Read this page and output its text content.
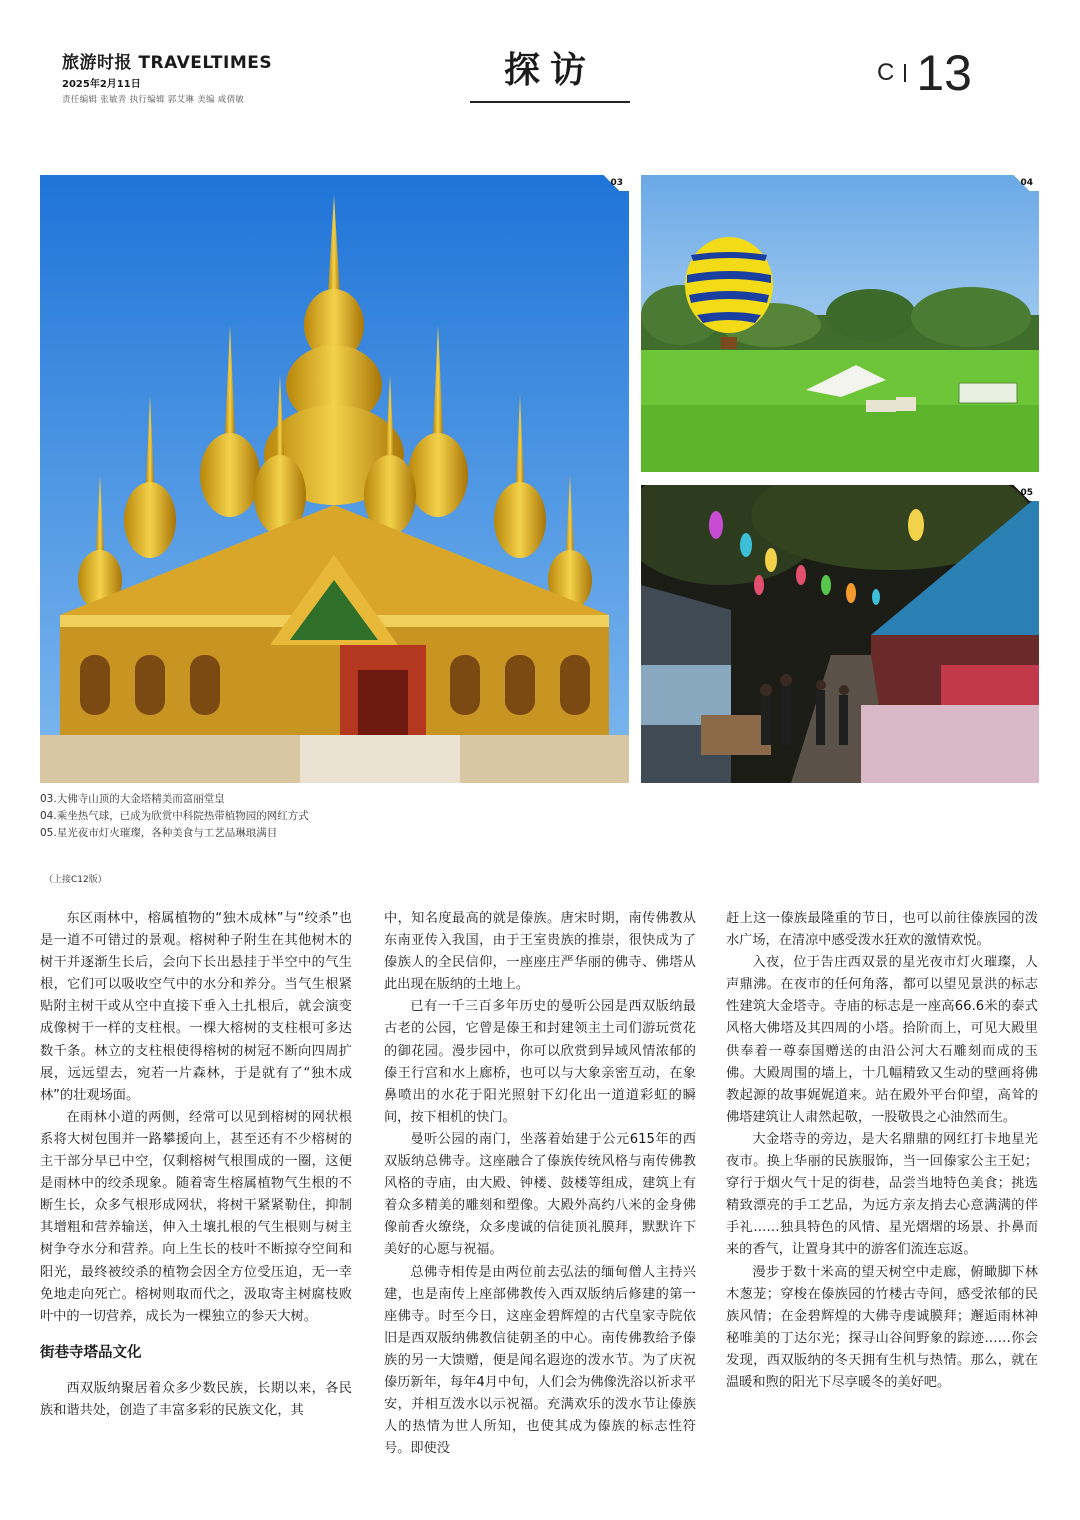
旅游时报 TRAVELTIMES
2025年2月11日
责任编辑 张敏青 执行编辑 郭艾琳 美编 咸倩敏
探访	C 13
03	04
05
03.大佛寺山顶的大金塔精美而富丽堂皇
04.乘坐热气球，已成为欣赏中科院热带植物园的网红方式
05.星光夜市灯火璀璨，各种美食与工艺品琳琅满目
（上接C12版）

东区雨林中，榕属植物的“独木成林”与“绞杀”也是一道不可错过的景观。榕树种子附生在其他树木的树干并逐渐生长后，会向下长出悬挂于半空中的气生根，它们可以吸收空气中的水分和养分。当气生根紧贴附主树干或从空中直接下垂入土扎根后，就会演变成像树干一样的支柱根。一棵大榕树的支柱根可多达数千条。林立的支柱根使得榕树的树冠不断向四周扩展，远远望去，宛若一片森林，于是就有了“独木成林”的壮观场面。

在雨林小道的两侧，经常可以见到榕树的网状根系将大树包围并一路攀援向上，甚至还有不少榕树的主干部分早已中空，仅剩榕树气根围成的一圈，这便是雨林中的绞杀现象。随着寄生榕属植物气生根的不断生长，众多气根形成网状，将树干紧紧勒住，抑制其增粗和营养输送，伸入土壤扎根的气生根则与树主树争夺水分和营养。向上生长的枝叶不断掠夺空间和阳光，最终被绞杀的植物会因全方位受压迫，无一幸免地走向死亡。榕树则取而代之，汲取寄主树腐枝败叶中的一切营养，成长为一棵独立的参天大树。

街巷寺塔品文化

西双版纳聚居着众多少数民族，长期以来，各民族和谐共处，创造了丰富多彩的民族文化，其

中，知名度最高的就是傣族。唐宋时期，南传佛教从东南亚传入我国，由于王室贵族的推崇，很快成为了傣族人的全民信仰，一座座庄严华丽的佛寺、佛塔从此出现在版纳的土地上。

已有一千三百多年历史的曼听公园是西双版纳最古老的公园，它曾是傣王和封建领主土司们游玩赏花的御花园。漫步园中，你可以欣赏到异域风情浓郁的傣王行宫和水上廊桥，也可以与大象亲密互动，在象鼻喷出的水花于阳光照射下幻化出一道道彩虹的瞬间，按下相机的快门。

曼听公园的南门，坐落着始建于公元615年的西双版纳总佛寺。这座融合了傣族传统风格与南传佛教风格的寺庙，由大殿、钟楼、鼓楼等组成，建筑上有着众多精美的雕刻和塑像。大殿外高约八米的金身佛像前香火缭绕，众多虔诚的信徒顶礼膜拜，默默许下美好的心愿与祝福。

总佛寺相传是由两位前去弘法的缅甸僧人主持兴建，也是南传上座部佛教传入西双版纳后修建的第一座佛寺。时至今日，这座金碧辉煌的古代皇家寺院依旧是西双版纳佛教信徒朝圣的中心。南传佛教给予傣族的另一大馈赠，便是闻名遐迩的泼水节。为了庆祝傣历新年，每年4月中旬，人们会为佛像洗浴以祈求平安，并相互泼水以示祝福。充满欢乐的泼水节让傣族人的热情为世人所知，也使其成为傣族的标志性符号。即使没

赶上这一傣族最隆重的节日，也可以前往傣族园的泼水广场，在清凉中感受泼水狂欢的激情欢悦。

入夜，位于告庄西双景的星光夜市灯火璀璨，人声鼎沸。在夜市的任何角落，都可以望见景洪的标志性建筑大金塔寺。寺庙的标志是一座高66.6米的泰式风格大佛塔及其四周的小塔。拾阶而上，可见大殿里供奉着一尊泰国赠送的由沿公河大石雕刻而成的玉佛。大殿周围的墙上，十几幅精致又生动的壁画将佛教起源的故事娓娓道来。站在殿外平台仰望，高耸的佛塔建筑让人肃然起敬，一股敬畏之心油然而生。

大金塔寺的旁边，是大名鼎鼎的网红打卡地星光夜市。换上华丽的民族服饰，当一回傣家公主王妃；穿行于烟火气十足的街巷，品尝当地特色美食；挑选精致漂亮的手工艺品，为远方亲友捎去心意满满的伴手礼……独具特色的风情、星光熠熠的场景、扑鼻而来的香气，让置身其中的游客们流连忘返。

漫步于数十米高的望天树空中走廊，俯瞰脚下林木葱茏；穿梭在傣族园的竹楼古寺间，感受浓郁的民族风情；在金碧辉煌的大佛寺虔诚膜拜；邂逅雨林神秘唯美的丁达尔光；探寻山谷间野象的踪迹……你会发现，西双版纳的冬天拥有生机与热情。那么，就在温暖和煦的阳光下尽享暖冬的美好吧。
